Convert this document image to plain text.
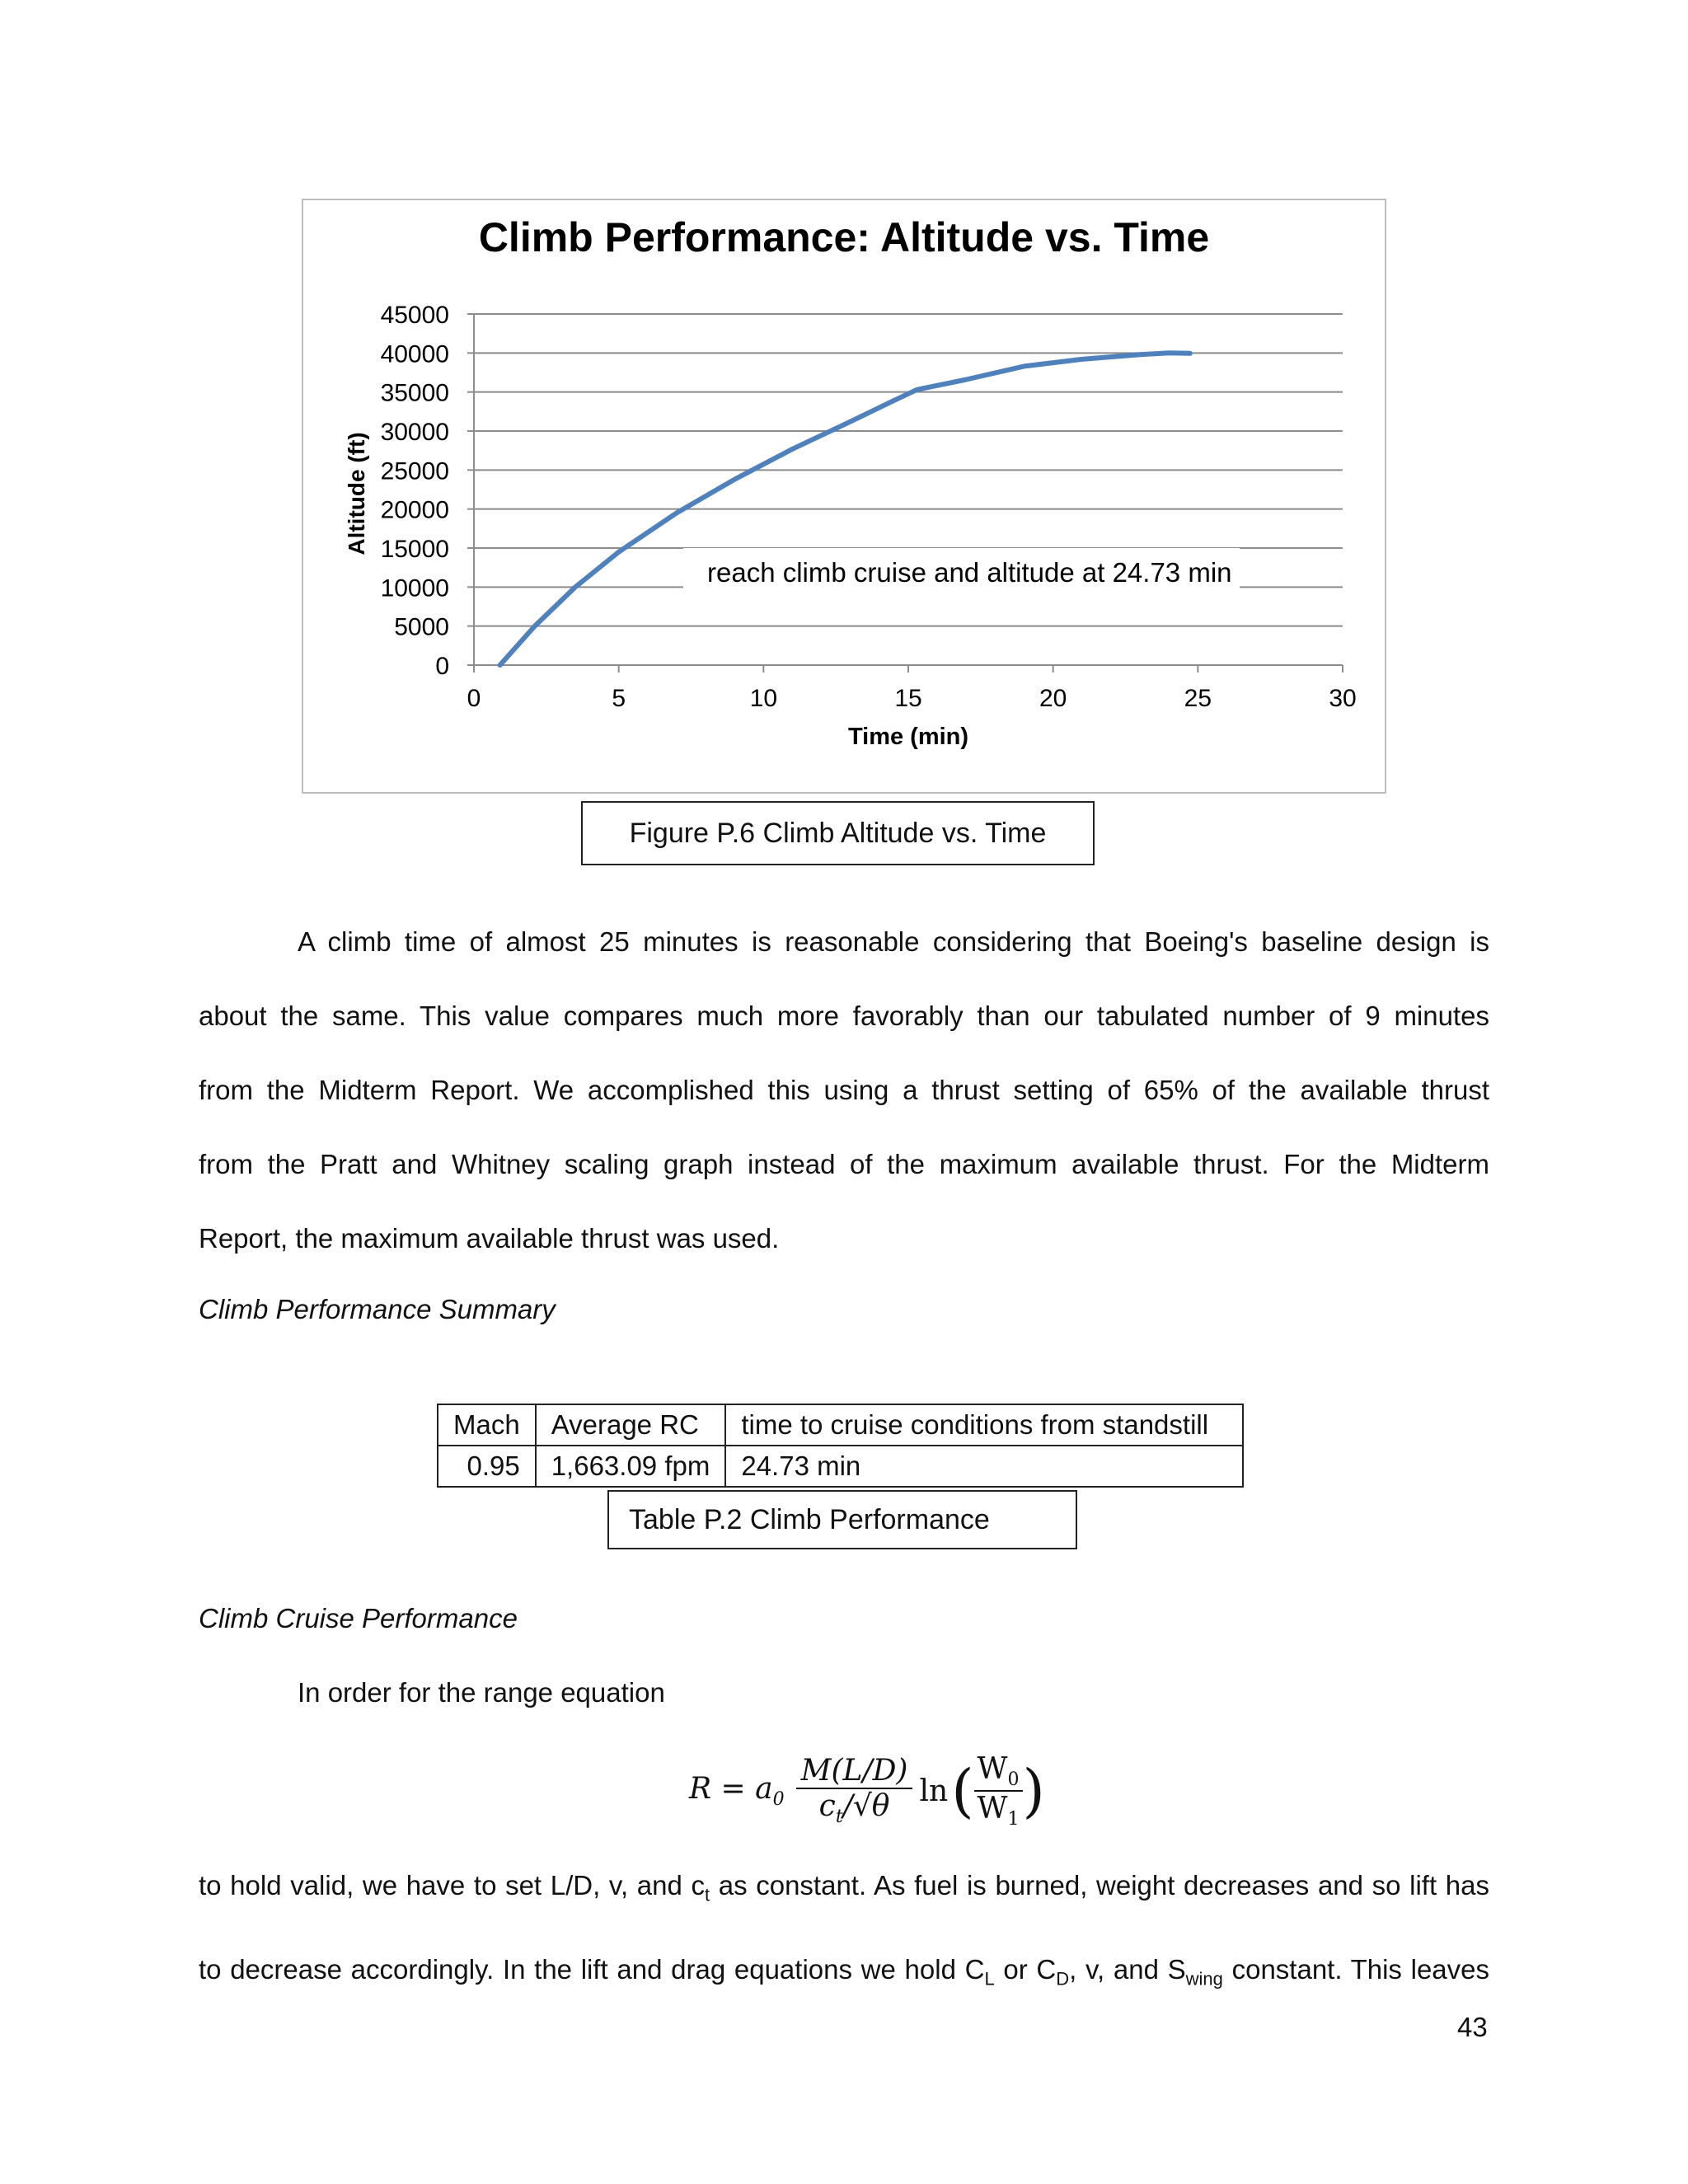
Climb Performance: Altitude vs. Time
Altitude (ft)
Time (min)
0
5000
10000
15000
20000
25000
30000
35000
40000
45000
0	5	10	15	20	25	30
reach climb cruise and altitude at 24.73 min
Figure P.6 Climb Altitude vs. Time
A climb time of almost 25 minutes is reasonable considering that Boeing's baseline design is
about the same. This value compares much more favorably than our tabulated number of 9 minutes
from the Midterm Report. We accomplished this using a thrust setting of 65% of the available thrust
from the Pratt and Whitney scaling graph instead of the maximum available thrust. For the Midterm
Report, the maximum available thrust was used.
Climb Performance Summary
Mach	Average RC	time to cruise conditions from standstill
0.95	1,663.09 fpm	24.73 min
Table P.2 Climb Performance
Climb Cruise Performance
In order for the range equation
$R = a_0 \frac{M(L/D)}{c_t/√\theta}$ ln ( $\frac{W_0}{W_1}$ )
to hold valid, we have to set L/D, v, and $c_t$ as constant. As fuel is burned, weight decreases and so lift has
to decrease accordingly. In the lift and drag equations we hold $C_L$ or $C_D$, v, and $S_{wing}$ constant. This leaves
43
